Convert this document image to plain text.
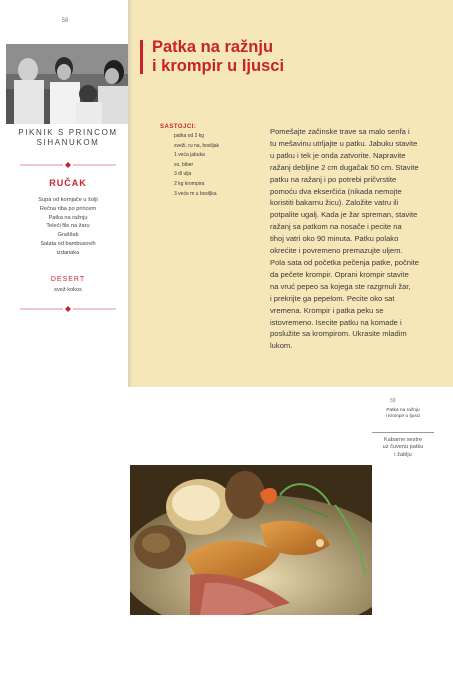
58
PIKNIK S PRINCOM SIHANUKOM
RUČAK
Supa od kornjače u šolji
Rečna riba po princem
Patka na ražnju
Teleći file na žaru
Graššak
Salata od bambusovih
izdanaka
DESERT
svež kokos
Patka na ražnju
i krompir u ljusci
SASTOJCI:
patka od 2 kg
sveži, ru na, bosiljak
1 veća jabuka
so, biber
3 dl ulja
2 kg krompira
3 veće m u bosiljka
Pomešajte začinske trave sa malo senfa i
tu mešavinu utrljajte u patku. Jabuku stavite
u patku i tek je onda zatvorite. Napravite
ražanj debljine 2 cm dugačak 50 cm. Stavite
patku na ražanj i po potrebi pričvrstite
pomoću dva ekserčića (nikada nemojte
koristiti bakarnu žicu). Založite vatru ili
potpalite ugalj. Kada je žar spreman, stavite
ražanj sa patkom na nosače i pecite na
tihoj vatri oko 90 minuta. Patku polako
okrećite i povremeno premazujte uljem.
Pola sata od početka pečenja patke, počnite
da pečete krompir. Oprani krompir stavite
na vruć pepeo sa kojega ste razgrnuli žar,
i prekrijte ga pepelom. Pecite oko sat
vremena. Krompir i patka peku se
istovremeno. Isecite patku na komade i
poslužite sa krompirom. Ukrasite mladim
lukom.
59
Patka na ražnju
i krompir u ljusci
Kabarne sestre
uz čuvenu patku
i žablju
